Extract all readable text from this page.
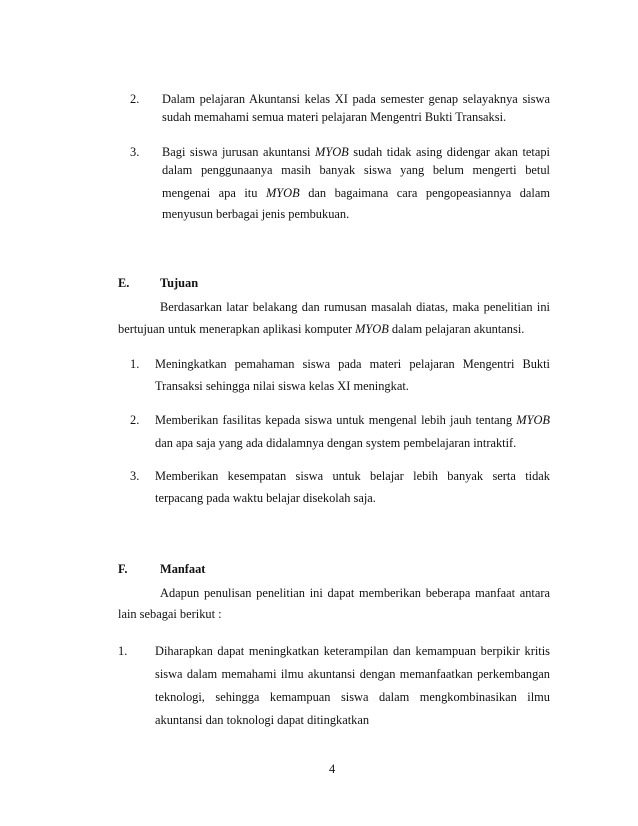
2. Dalam pelajaran Akuntansi kelas XI pada semester genap selayaknya siswa
sudah memahami semua materi pelajaran Mengentri Bukti Transaksi.
3. Bagi siswa jurusan akuntansi MYOB sudah tidak asing didengar akan tetapi
dalam penggunaanya masih banyak siswa yang belum mengerti betul
mengenai apa itu MYOB dan bagaimana cara pengopeasiannya dalam
menyusun berbagai jenis pembukuan.
E. Tujuan
Berdasarkan latar belakang dan rumusan masalah diatas, maka penelitian ini
bertujuan untuk menerapkan aplikasi komputer MYOB dalam pelajaran akuntansi.
1. Meningkatkan pemahaman siswa pada materi pelajaran Mengentri Bukti
Transaksi sehingga nilai siswa kelas XI meningkat.
2. Memberikan fasilitas kepada siswa untuk mengenal lebih jauh tentang MYOB
dan apa saja yang ada didalamnya dengan system pembelajaran intraktif.
3. Memberikan kesempatan siswa untuk belajar lebih banyak serta tidak
terpacang pada waktu belajar disekolah saja.
F.	Manfaat
Adapun penulisan penelitian ini dapat memberikan beberapa manfaat antara
lain sebagai berikut :
1. Diharapkan dapat meningkatkan keterampilan dan kemampuan berpikir kritis
siswa dalam memahami ilmu akuntansi dengan memanfaatkan perkembangan
teknologi, sehingga kemampuan siswa dalam mengkombinasikan ilmu
akuntansi dan toknologi dapat ditingkatkan
4
